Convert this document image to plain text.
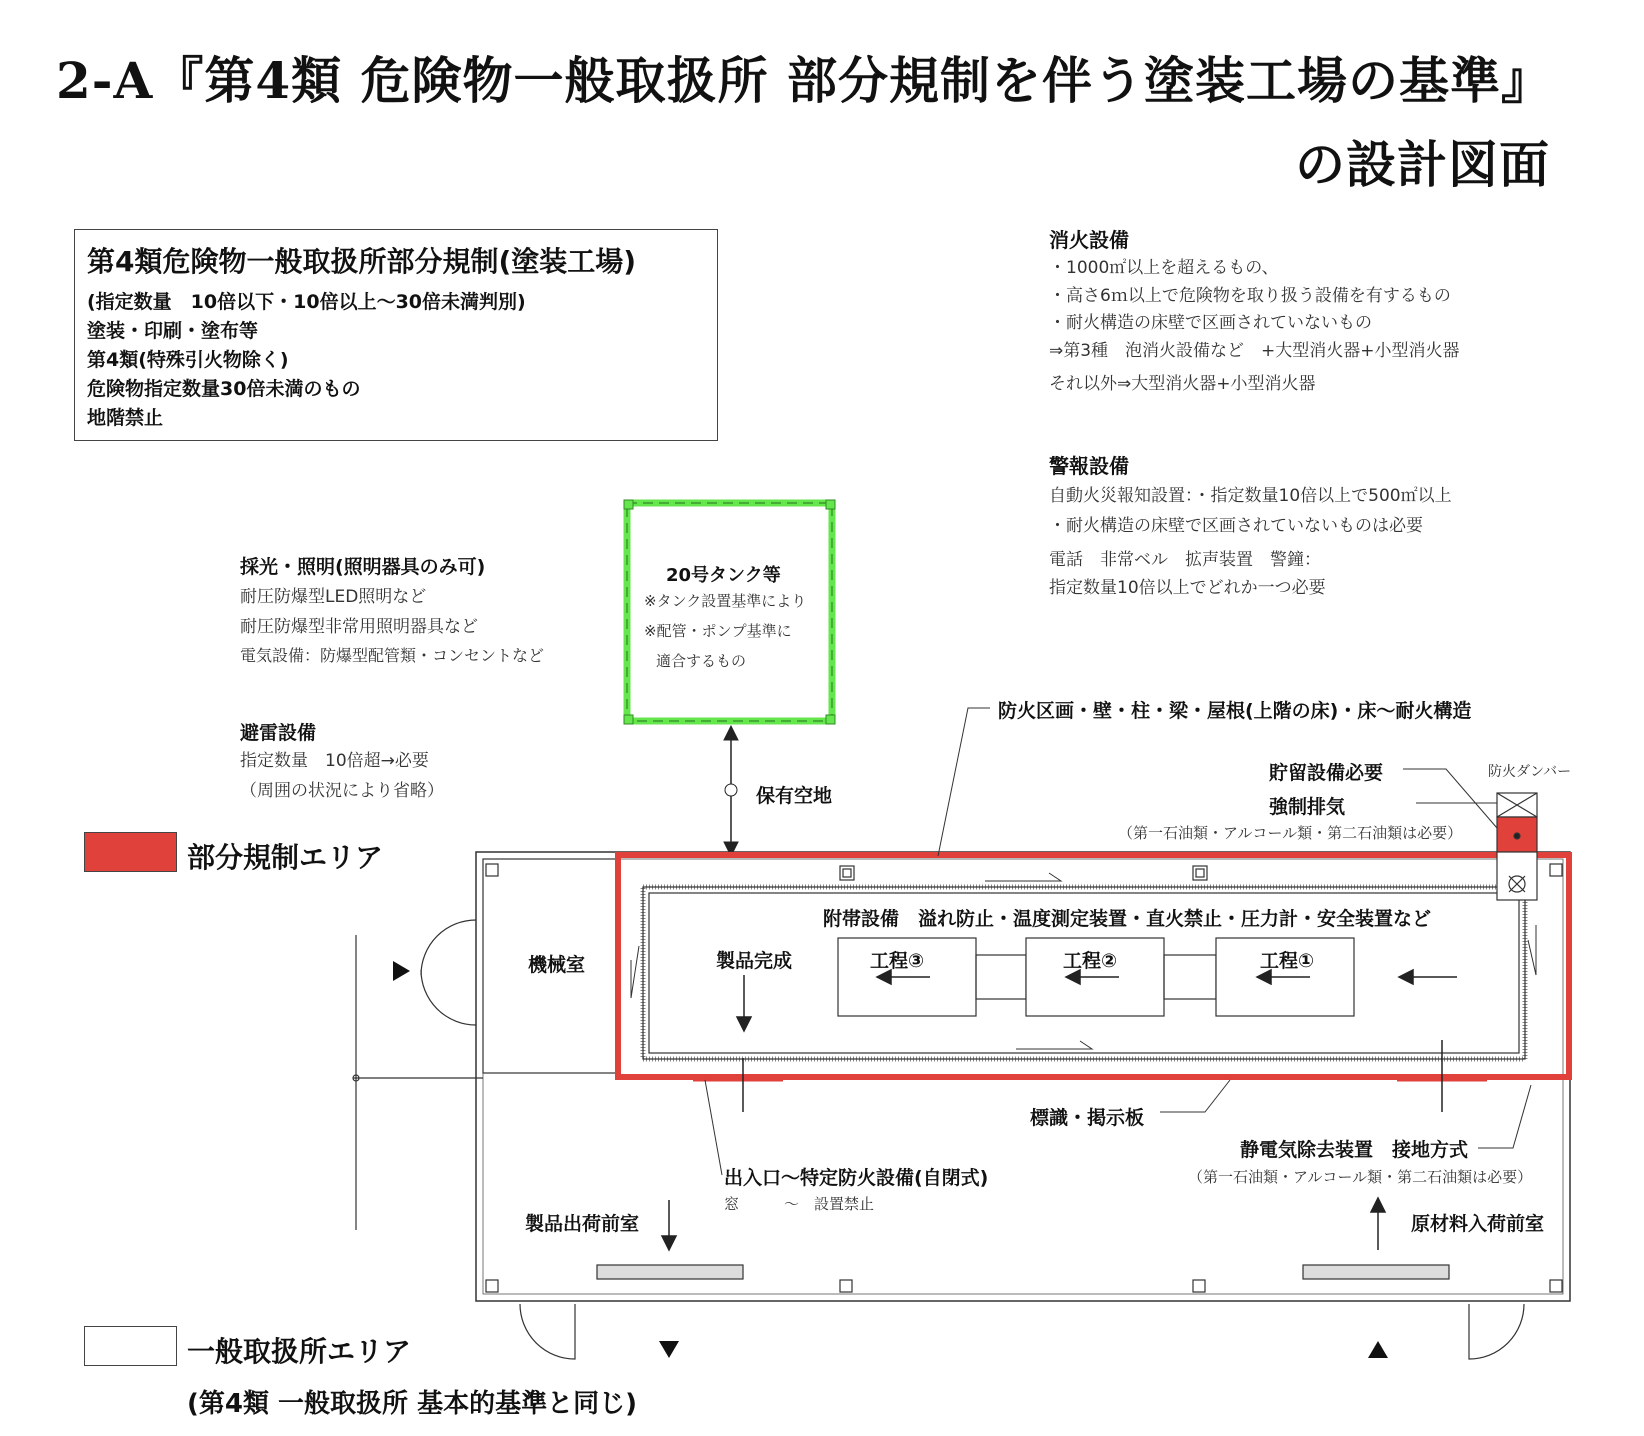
2-A『第4類 危険物一般取扱所 部分規制を伴う塗装工場の基準』
の設計図面
第4類危険物一般取扱所部分規制(塗装工場)
(指定数量　10倍以下・10倍以上～30倍未満判別)
塗装・印刷・塗布等
第4類(特殊引火物除く)
危険物指定数量30倍未満のもの
地階禁止
消火設備
・1000㎡以上を超えるもの、
・高さ6ｍ以上で危険物を取り扱う設備を有するもの
・耐火構造の床壁で区画されていないもの
⇒第3種　泡消火設備など　+大型消火器+小型消火器
それ以外⇒大型消火器+小型消火器
警報設備
自動火災報知設置：・指定数量10倍以上で500㎡以上
・耐火構造の床壁で区画されていないものは必要
電話　非常ベル　拡声装置　警鐘：
指定数量10倍以上でどれか一つ必要
採光・照明(照明器具のみ可)
耐圧防爆型LED照明など
耐圧防爆型非常用照明器具など
電気設備：防爆型配管類・コンセントなど
避雷設備
指定数量　10倍超→必要
（周囲の状況により省略）
20号タンク等
※タンク設置基準により
※配管・ポンプ基準に
適合するもの
防火区画・壁・柱・梁・屋根(上階の床)・床～耐火構造
貯留設備必要	防火ダンバー
強制排気
（第一石油類・アルコール類・第二石油類は必要）
附帯設備　溢れ防止・温度測定装置・直火禁止・圧力計・安全装置など
工程③	工程②	工程①
製品完成
機械室
保有空地
標識・掲示板
静電気除去装置　接地方式
（第一石油類・アルコール類・第二石油類は必要）
出入口～特定防火設備(自閉式)
窓　　　～　設置禁止
製品出荷前室	原材料入荷前室
部分規制エリア
一般取扱所エリア
(第4類 一般取扱所 基本的基準と同じ)
